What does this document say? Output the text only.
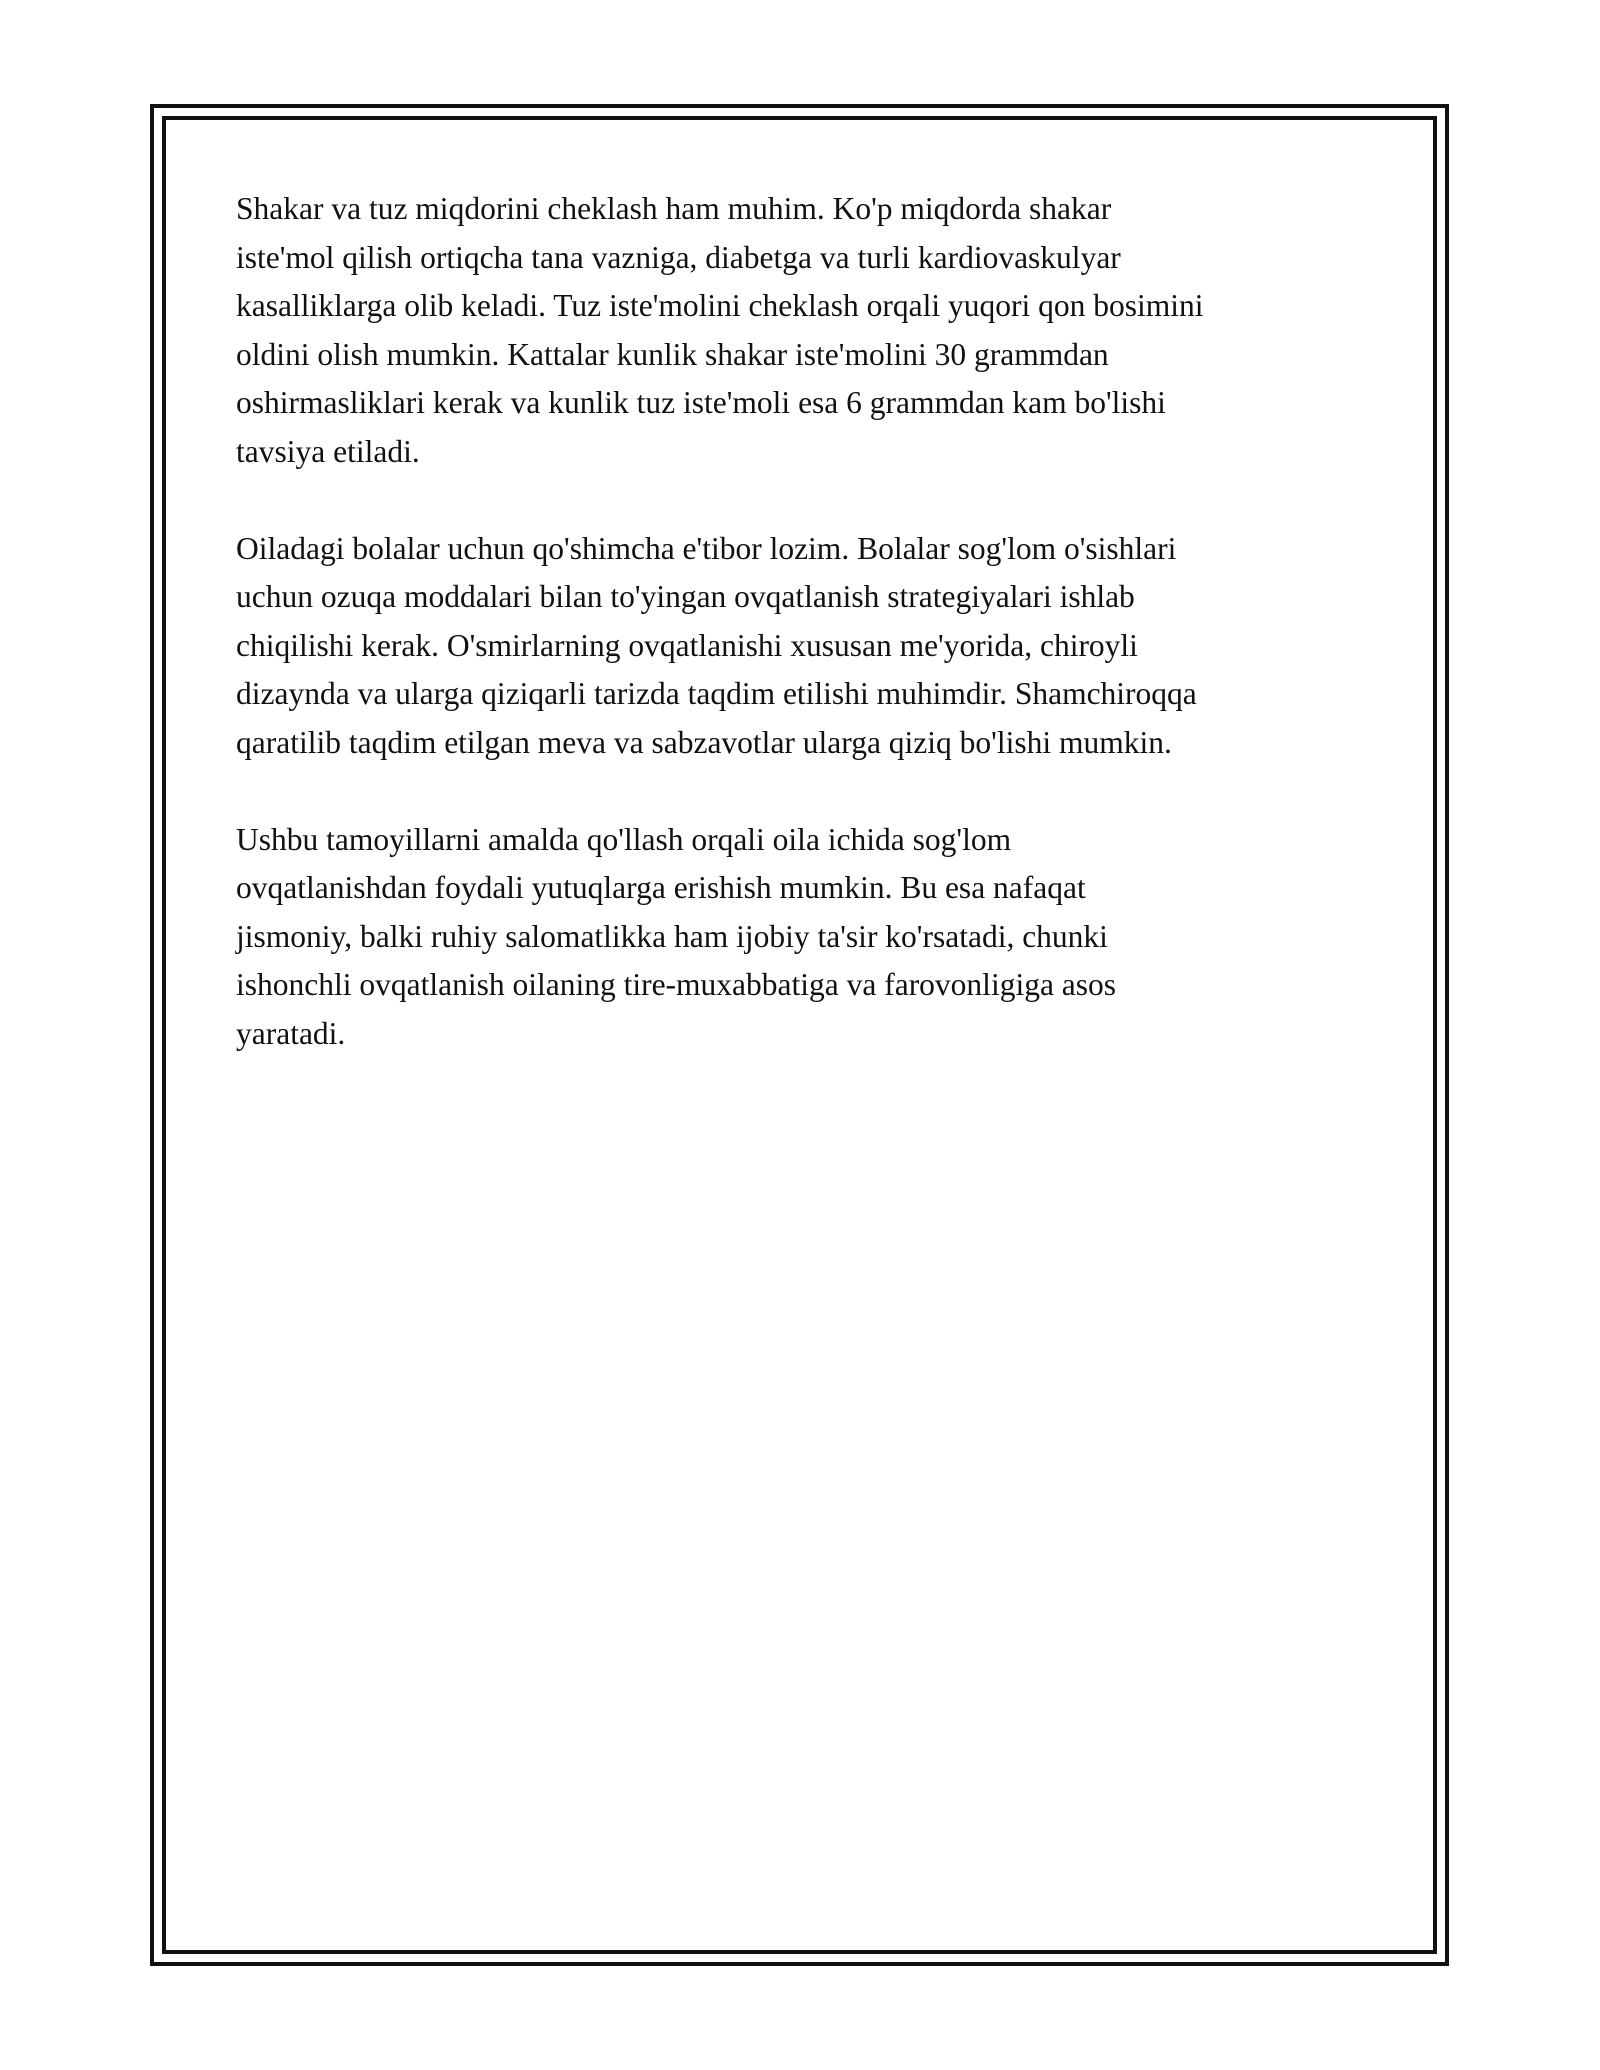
Shakar va tuz miqdorini cheklash ham muhim. Ko'p miqdorda shakar
iste'mol qilish ortiqcha tana vazniga, diabetga va turli kardiovaskulyar
kasalliklarga olib keladi. Tuz iste'molini cheklash orqali yuqori qon bosimini
oldini olish mumkin. Kattalar kunlik shakar iste'molini 30 grammdan
oshirmasliklari kerak va kunlik tuz iste'moli esa 6 grammdan kam bo'lishi
tavsiya etiladi.

Oiladagi bolalar uchun qo'shimcha e'tibor lozim. Bolalar sog'lom o'sishlari
uchun ozuqa moddalari bilan to'yingan ovqatlanish strategiyalari ishlab
chiqilishi kerak. O'smirlarning ovqatlanishi xususan me'yorida, chiroyli
dizaynda va ularga qiziqarli tarizda taqdim etilishi muhimdir. Shamchiroqqa
qaratilib taqdim etilgan meva va sabzavotlar ularga qiziq bo'lishi mumkin.

Ushbu tamoyillarni amalda qo'llash orqali oila ichida sog'lom
ovqatlanishdan foydali yutuqlarga erishish mumkin. Bu esa nafaqat
jismoniy, balki ruhiy salomatlikka ham ijobiy ta'sir ko'rsatadi, chunki
ishonchli ovqatlanish oilaning tire-muxabbatiga va farovonligiga asos
yaratadi.
